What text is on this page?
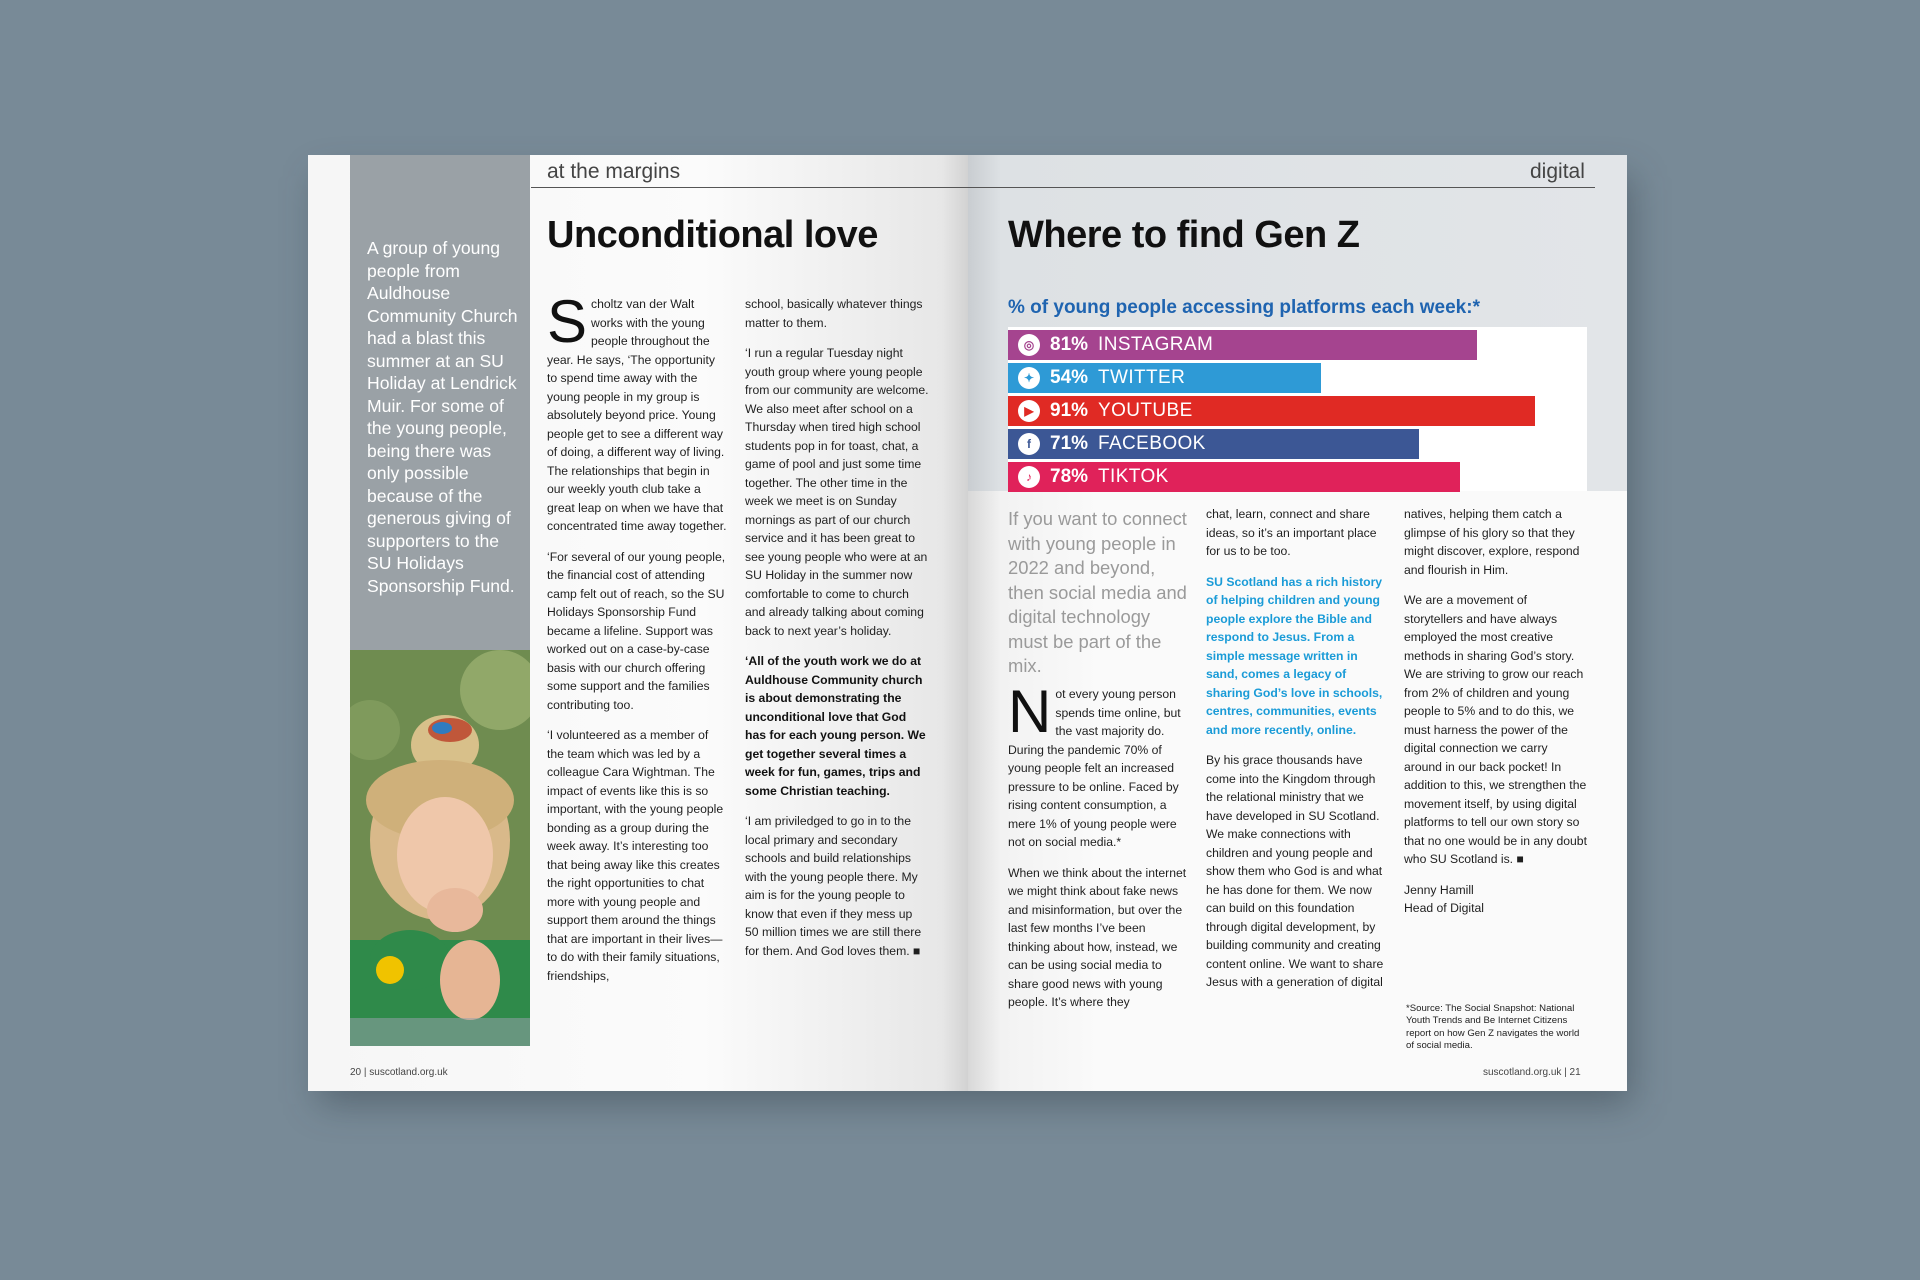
A group of young people from Auldhouse Community Church had a blast this summer at an SU Holiday at Lendrick Muir. For some of the young people, being there was only possible because of the generous giving of supporters to the SU Holidays Sponsorship Fund.
at the margins
Unconditional love

Scholtz van der Walt works with the young people throughout the year. He says, ‘The opportunity to spend time away with the young people in my group is absolutely beyond price. Young people get to see a different way of doing, a different way of living. The relationships that begin in our weekly youth club take a great leap on when we have that concentrated time away together.

‘For several of our young people, the financial cost of attending camp felt out of reach, so the SU Holidays Sponsorship Fund became a lifeline. Support was worked out on a case-by-case basis with our church offering some support and the families contributing too.

‘I volunteered as a member of the team which was led by a colleague Cara Wightman. The impact of events like this is so important, with the young people bonding as a group during the week away. It’s interesting too that being away like this creates the right opportunities to chat more with young people and support them around the things that are important in their lives—to do with their family situations, friendships,

school, basically whatever things matter to them.

‘I run a regular Tuesday night youth group where young people from our community are welcome. We also meet after school on a Thursday when tired high school students pop in for toast, chat, a game of pool and just some time together. The other time in the week we meet is on Sunday mornings as part of our church service and it has been great to see young people who were at an SU Holiday in the summer now comfortable to come to church and already talking about coming back to next year’s holiday.

‘All of the youth work we do at Auldhouse Community church is about demonstrating the unconditional love that God has for each young person. We get together several times a week for fun, games, trips and some Christian teaching.

‘I am priviledged to go in to the local primary and secondary schools and build relationships with the young people there. My aim is for the young people to know that even if they mess up 50 million times we are still there for them. And God loves them. ■

20 | suscotland.org.uk
digital
Where to find Gen Z
% of young people accessing platforms each week:*
◎ 81% INSTAGRAM
✦ 54% TWITTER
▶ 91% YOUTUBE
f	71% FACEBOOK
♪ 78% TIKTOK
If you want to connect with young people in 2022 and beyond, then social media and digital technology must be part of the mix.

Not every young person spends time online, but the vast majority do. During the pandemic 70% of young people felt an increased pressure to be online. Faced by rising content consumption, a mere 1% of young people were not on social media.*

When we think about the internet we might think about fake news and misinformation, but over the last few months I’ve been thinking about how, instead, we can be using social media to share good news with young people. It’s where they

chat, learn, connect and share ideas, so it’s an important place for us to be too.

SU Scotland has a rich history of helping children and young people explore the Bible and respond to Jesus. From a simple message written in sand, comes a legacy of sharing God’s love in schools, centres, communities, events and more recently, online.

By his grace thousands have come into the Kingdom through the relational ministry that we have developed in SU Scotland. We make connections with children and young people and show them who God is and what he has done for them. We now can build on this foundation through digital development, by building community and creating content online. We want to share Jesus with a generation of digital

natives, helping them catch a glimpse of his glory so that they might discover, explore, respond and flourish in Him.

We are a movement of storytellers and have always employed the most creative methods in sharing God’s story. We are striving to grow our reach from 2% of children and young people to 5% and to do this, we must harness the power of the digital connection we carry around in our back pocket! In addition to this, we strengthen the movement itself, by using digital platforms to tell our own story so that no one would be in any doubt who SU Scotland is. ■

Jenny Hamill

Head of Digital

*Source: The Social Snapshot: National Youth Trends and Be Internet Citizens report on how Gen Z navigates the world of social media.
suscotland.org.uk | 21
